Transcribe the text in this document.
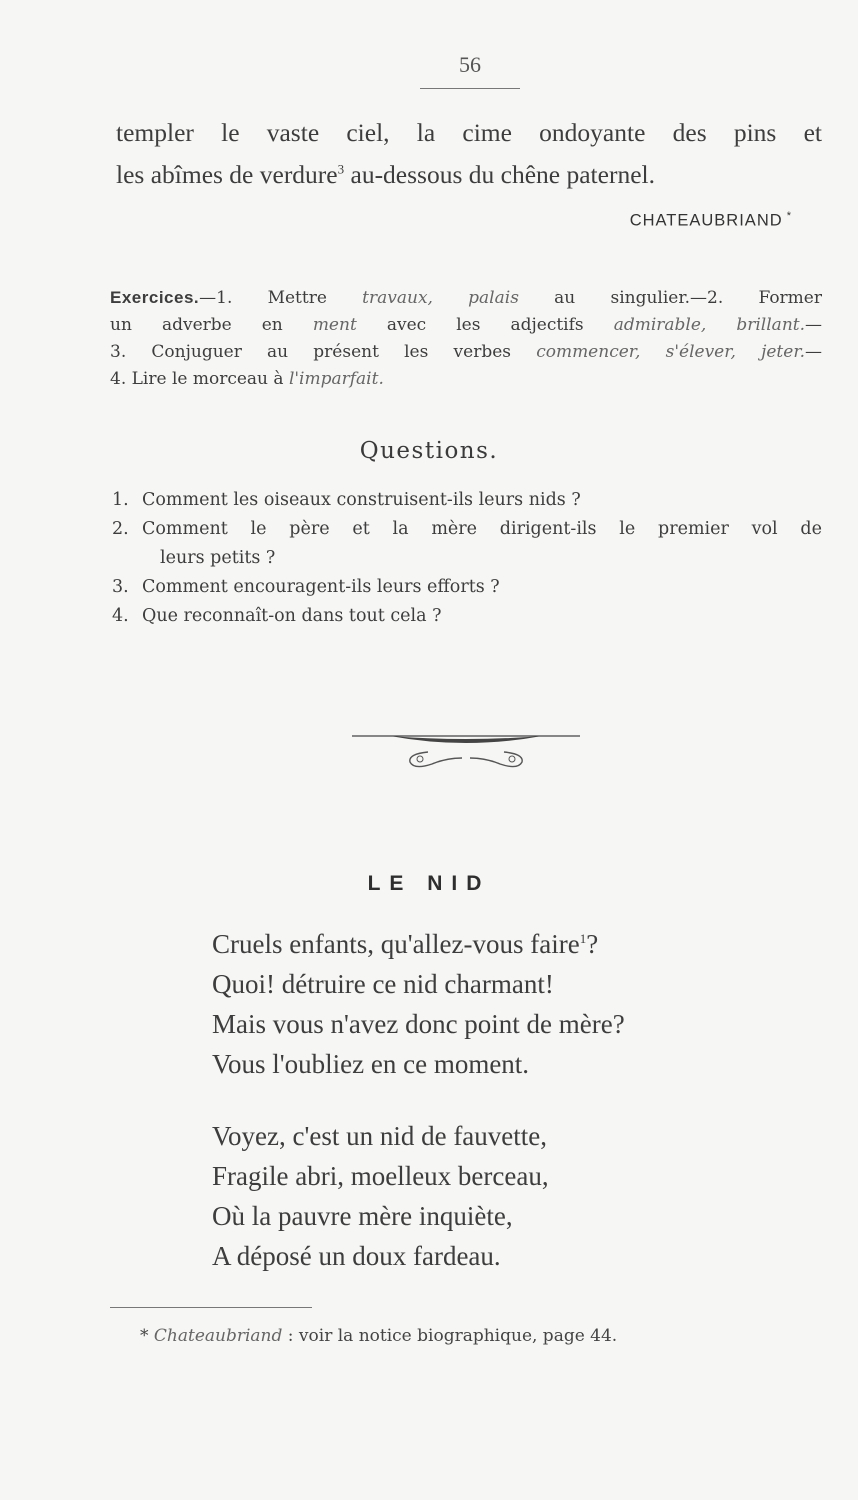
56
templer le vaste ciel, la cime ondoyante des pins et
les abîmes de verdure$^3$ au-dessous du chêne paternel.
CHATEAUBRIAND *
Exercices.—1. Mettre travaux, palais au singulier.—2. Former
un adverbe en ment avec les adjectifs admirable, brillant.—
3. Conjuguer au présent les verbes commencer, s'élever, jeter.—
4. Lire le morceau à l'imparfait.
Questions.
1. Comment les oiseaux construisent-ils leurs nids ?
2. Comment le père et la mère dirigent-ils le premier vol de
leurs petits ?
3. Comment encouragent-ils leurs efforts ?
4. Que reconnaît-on dans tout cela ?
LE NID
Cruels enfants, qu'allez-vous faire$^1$?
Quoi! détruire ce nid charmant!
Mais vous n'avez donc point de mère?
Vous l'oubliez en ce moment.
Voyez, c'est un nid de fauvette,
Fragile abri, moelleux berceau,
Où la pauvre mère inquiète,
A déposé un doux fardeau.
* Chateaubriand : voir la notice biographique, page 44.
